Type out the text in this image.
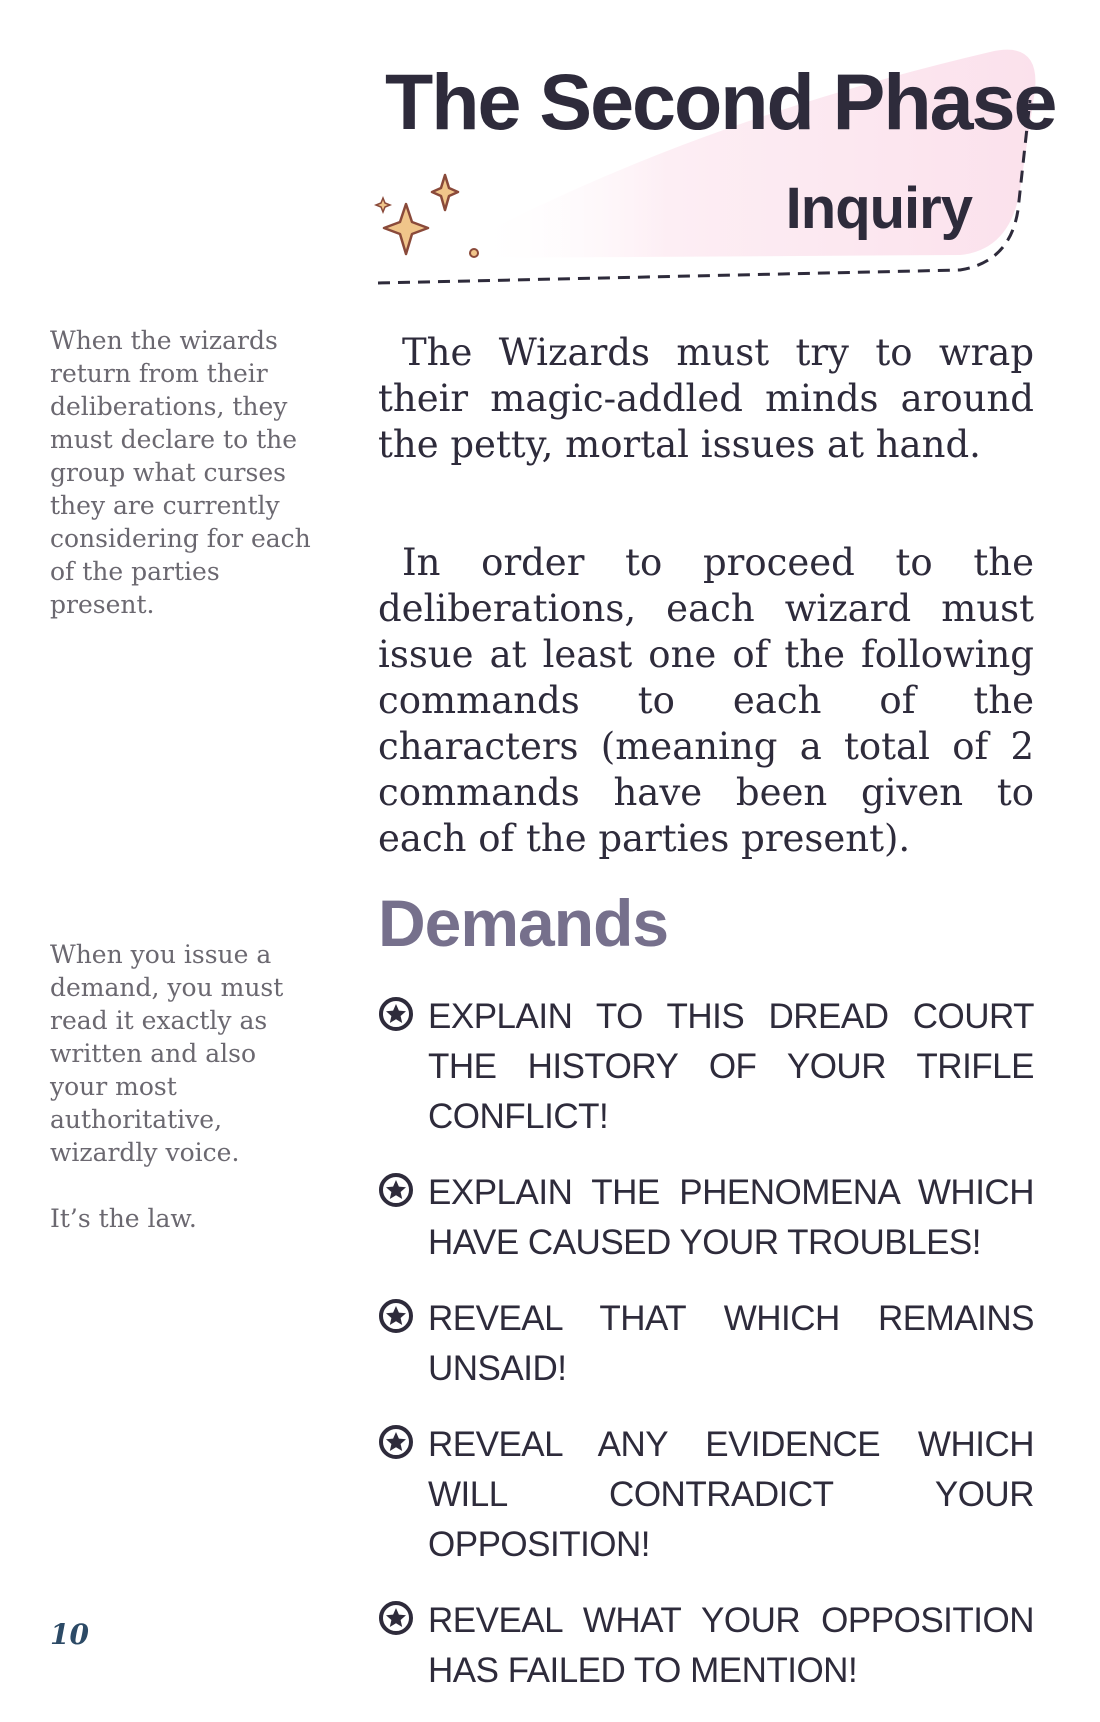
The Second Phase
Inquiry

When the wizards return from their deliberations, they must declare to the group what curses they are currently considering for each of the parties present.

When you issue a demand, you must read it exactly as written and also your most authoritative, wizardly voice.

It’s the law.

The Wizards must try to wrap their magic-addled minds around the petty, mortal issues at hand.

In order to proceed to the deliberations, each wizard must issue at least one of the following commands to each of the characters (meaning a total of 2 commands have been given to each of the parties present).

Demands
EXPLAIN TO THIS DREAD COURT THE HISTORY OF YOUR TRIFLE CONFLICT!
EXPLAIN THE PHENOMENA WHICH HAVE CAUSED YOUR TROUBLES!
REVEAL THAT WHICH REMAINS UNSAID!
REVEAL ANY EVIDENCE WHICH WILL CONTRADICT YOUR OPPOSITION!
REVEAL WHAT YOUR OPPOSITION HAS FAILED TO MENTION!
10
